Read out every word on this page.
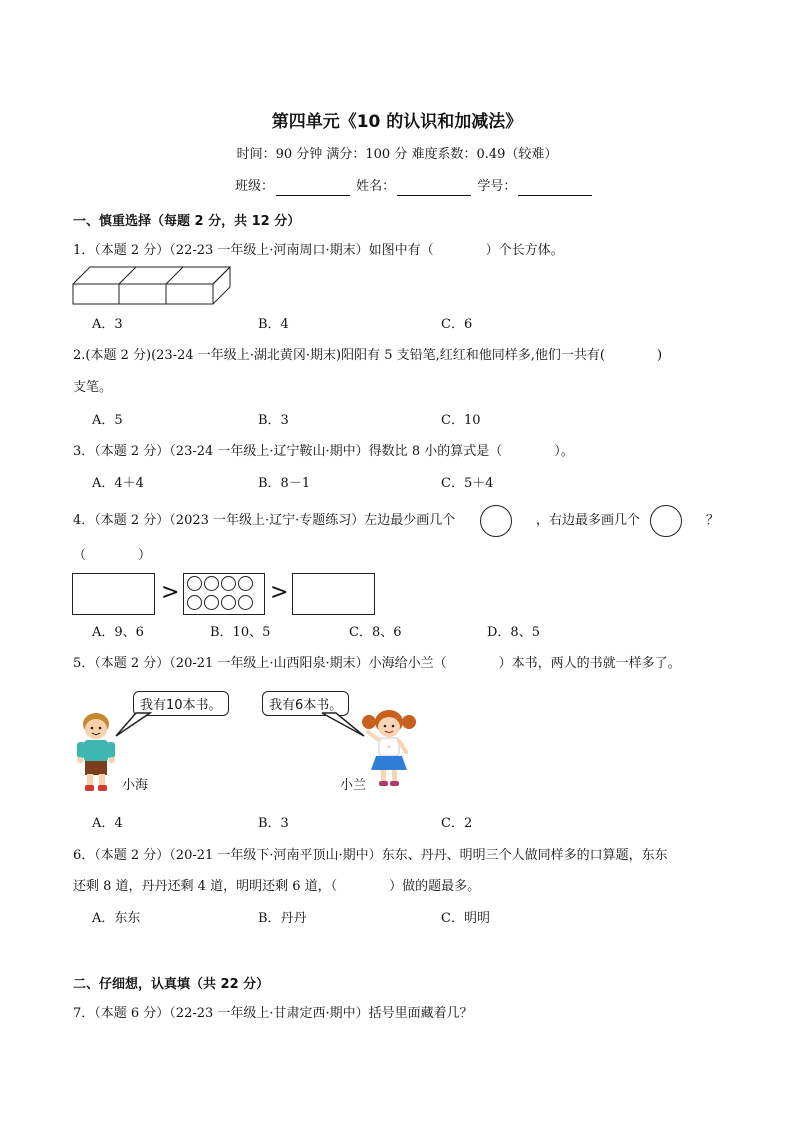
第四单元《10 的认识和加减法》
时间：90 分钟 满分：100 分 难度系数：0.49（较难）
班级：	姓名：	学号：
一、慎重选择（每题 2 分，共 12 分）
1．（本题 2 分）（22-23 一年级上·河南周口·期末）如图中有（　　　　）个长方体。
A．3	B．4	C．6
2.(本题 2 分)(23-24 一年级上·湖北黄冈·期末)阳阳有 5 支铅笔,红红和他同样多,他们一共有(　　　　)
支笔。
A．5	B．3	C．10
3．（本题 2 分）（23-24 一年级上·辽宁鞍山·期中）得数比 8 小的算式是（　　　　）。
A．4＋4	B．8－1	C．5＋4
4．（本题 2 分）（2023 一年级上·辽宁·专题练习）左边最少画几个	，右边最多画几个	？
（　　　　）
>	>
A．9、6	B．10、5	C．8、6	D．8、5
5．（本题 2 分）（20-21 一年级上·山西阳泉·期末）小海给小兰（　　　　）本书，两人的书就一样多了。
我有10本书。	我有6本书。
小海	小兰
A．4	B．3	C．2
6．（本题 2 分）（20-21 一年级下·河南平顶山·期中）东东、丹丹、明明三个人做同样多的口算题，东东
还剩 8 道，丹丹还剩 4 道，明明还剩 6 道，（　　　　）做的题最多。
A．东东	B．丹丹	C．明明
二、仔细想，认真填（共 22 分）
7．（本题 6 分）（22-23 一年级上·甘肃定西·期中）括号里面藏着几？
